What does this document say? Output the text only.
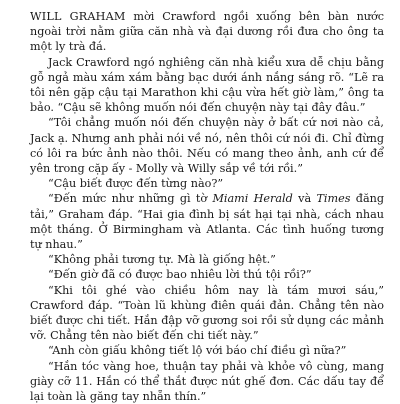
WILL GRAHAM mời Crawford ngồi xuống bên bàn nước ngoài trời nằm giữa căn nhà và đại dương rồi đưa cho ông ta một ly trà đá.

Jack Crawford ngó nghiêng căn nhà kiểu xưa dễ chịu bằng gỗ ngả màu xám xám bằng bạc dưới ánh nắng sáng rõ. “Lẽ ra tôi nên gặp cậu tại Marathon khi cậu vừa hết giờ làm,” ông ta bảo. “Cậu sẽ không muốn nói đến chuyện này tại đây đâu.”

“Tôi chẳng muốn nói đến chuyện này ở bất cứ nơi nào cả, Jack ạ. Nhưng anh phải nói về nó, nên thôi cứ nói đi. Chỉ đừng có lôi ra bức ảnh nào thôi. Nếu có mang theo ảnh, anh cứ để yên trong cặp ấy - Molly và Willy sắp về tới rồi.”

“Cậu biết được đến từng nào?”

“Đến mức như những gì tờ Miami Herald và Times đăng tải,” Graham đáp. “Hai gia đình bị sát hại tại nhà, cách nhau một tháng. Ở Birmingham và Atlanta. Các tình huống tương tự nhau.”

“Không phải tương tự. Mà là giống hệt.”

“Đến giờ đã có được bao nhiêu lời thú tội rồi?”

“Khi tôi ghé vào chiều hôm nay là tám mươi sáu,” Crawford đáp. “Toàn lũ khùng điên quái đản. Chẳng tên nào biết được chi tiết. Hắn đập vỡ gương soi rồi sử dụng các mảnh vỡ. Chẳng tên nào biết đến chi tiết này.”

“Anh còn giấu không tiết lộ với báo chí điều gì nữa?”

“Hắn tóc vàng hoe, thuận tay phải và khỏe vô cùng, mang giày cỡ 11. Hắn có thể thắt được nút ghế đơn. Các dấu tay để lại toàn là găng tay nhẵn thín.”
